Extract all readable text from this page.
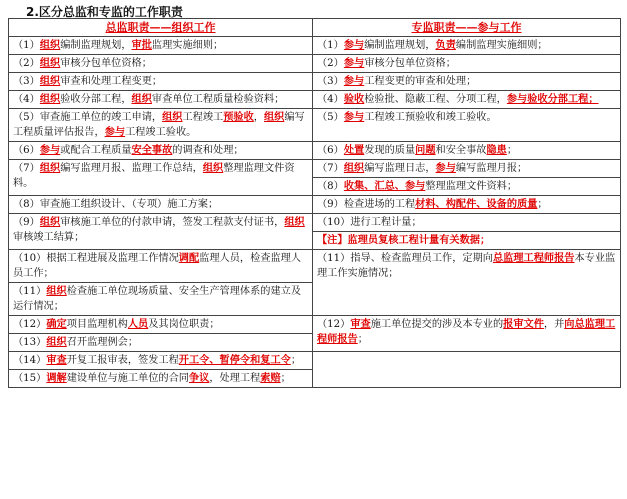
2.区分总监和专监的工作职责
总监职责——组织工作	专监职责——参与工作
（1）组织编制监理规划，审批监理实施细则；	（1）参与编制监理规划，负责编制监理实施细则；
（2）组织审核分包单位资格；	（2）参与审核分包单位资格；
（3）组织审查和处理工程变更；	（3）参与工程变更的审查和处理；
（4）组织验收分部工程，组织审查单位工程质量检验资料；	（4）验收检验批、隐蔽工程、分项工程，参与验收分部工程；
（5）审查施工单位的竣工申请，组织工程竣工预验收，组织编写工程质量评估报告，参与工程竣工验收。	（5）参与工程竣工预验收和竣工验收。
（6）参与或配合工程质量安全事故的调查和处理；	（6）处置发现的质量问题和安全事故隐患；
（7）组织编写监理月报、监理工作总结，组织整理监理文件资料。	（7）组织编写监理日志，参与编写监理月报；
	（8）收集、汇总、参与整理监理文件资料；
（8）审查施工组织设计、（专项）施工方案；	（9）检查进场的工程材料、构配件、设备的质量；
（9）组织审核施工单位的付款申请，签发工程款支付证书，组织审核竣工结算；	（10）进行工程计量；
	【注】监理员复核工程计量有关数据；
（10）根据工程进展及监理工作情况调配监理人员，检查监理人员工作；	（11）指导、检查监理员工作，定期向总监理工程师报告本专业监理工作实施情况；
（11）组织检查施工单位现场质量、安全生产管理体系的建立及运行情况；	
（12）确定项目监理机构人员及其岗位职责；	（12）审查施工单位提交的涉及本专业的报审文件，并向总监理工程师报告；
（13）组织召开监理例会；	
（14）审查开复工报审表，签发工程开工令、暂停令和复工令；	
（15）调解建设单位与施工单位的合同争议，处理工程索赔；	
